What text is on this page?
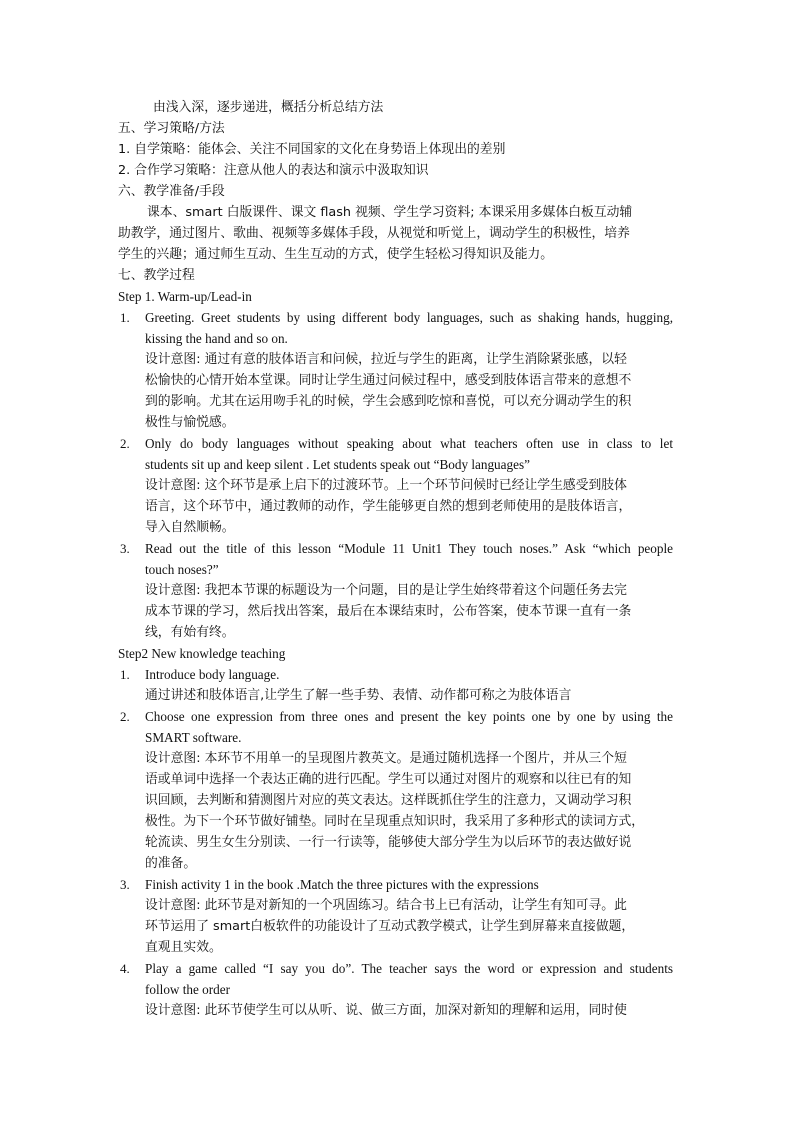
由浅入深，逐步递进，概括分析总结方法
五、学习策略/方法
1. 自学策略：能体会、关注不同国家的文化在身势语上体现出的差别
2. 合作学习策略：注意从他人的表达和演示中汲取知识
六、教学准备/手段
课本、smart 白版课件、课文 flash 视频、学生学习资料; 本课采用多媒体白板互动辅
助教学，通过图片、歌曲、视频等多媒体手段，从视觉和听觉上，调动学生的积极性，培养
学生的兴趣；通过师生互动、生生互动的方式，使学生轻松习得知识及能力。
七、教学过程
Step 1. Warm-up/Lead-in
1. Greeting. Greet students by using different body languages, such as shaking hands, hugging,
kissing the hand and so on.
设计意图: 通过有意的肢体语言和问候，拉近与学生的距离，让学生消除紧张感，以轻
松愉快的心情开始本堂课。同时让学生通过问候过程中，感受到肢体语言带来的意想不
到的影响。尤其在运用吻手礼的时候，学生会感到吃惊和喜悦，可以充分调动学生的积
极性与愉悦感。
2. Only do body languages without speaking about what teachers often use in class to let
students sit up and keep silent . Let students speak out “Body languages”
设计意图: 这个环节是承上启下的过渡环节。上一个环节问候时已经让学生感受到肢体
语言，这个环节中，通过教师的动作，学生能够更自然的想到老师使用的是肢体语言，
导入自然顺畅。
3. Read out the title of this lesson “Module 11 Unit1 They touch noses.” Ask “which people
touch noses?”
设计意图: 我把本节课的标题设为一个问题，目的是让学生始终带着这个问题任务去完
成本节课的学习，然后找出答案，最后在本课结束时，公布答案，使本节课一直有一条
线，有始有终。
Step2 New knowledge teaching
1. Introduce body language.
通过讲述和肢体语言,让学生了解一些手势、表情、动作都可称之为肢体语言
2. Choose one expression from three ones and present the key points one by one by using the
SMART software.
设计意图: 本环节不用单一的呈现图片教英文。是通过随机选择一个图片，并从三个短
语或单词中选择一个表达正确的进行匹配。学生可以通过对图片的观察和以往已有的知
识回顾，去判断和猜测图片对应的英文表达。这样既抓住学生的注意力，又调动学习积
极性。为下一个环节做好铺垫。同时在呈现重点知识时，我采用了多种形式的读词方式，
轮流读、男生女生分别读、一行一行读等，能够使大部分学生为以后环节的表达做好说
的准备。
3. Finish activity 1 in the book .Match the three pictures with the expressions
设计意图: 此环节是对新知的一个巩固练习。结合书上已有活动，让学生有知可寻。此
环节运用了 smart白板软件的功能设计了互动式教学模式，让学生到屏幕来直接做题，
直观且实效。
4. Play a game called “I say you do”. The teacher says the word or expression and students
follow the order
设计意图: 此环节使学生可以从听、说、做三方面，加深对新知的理解和运用，同时使
